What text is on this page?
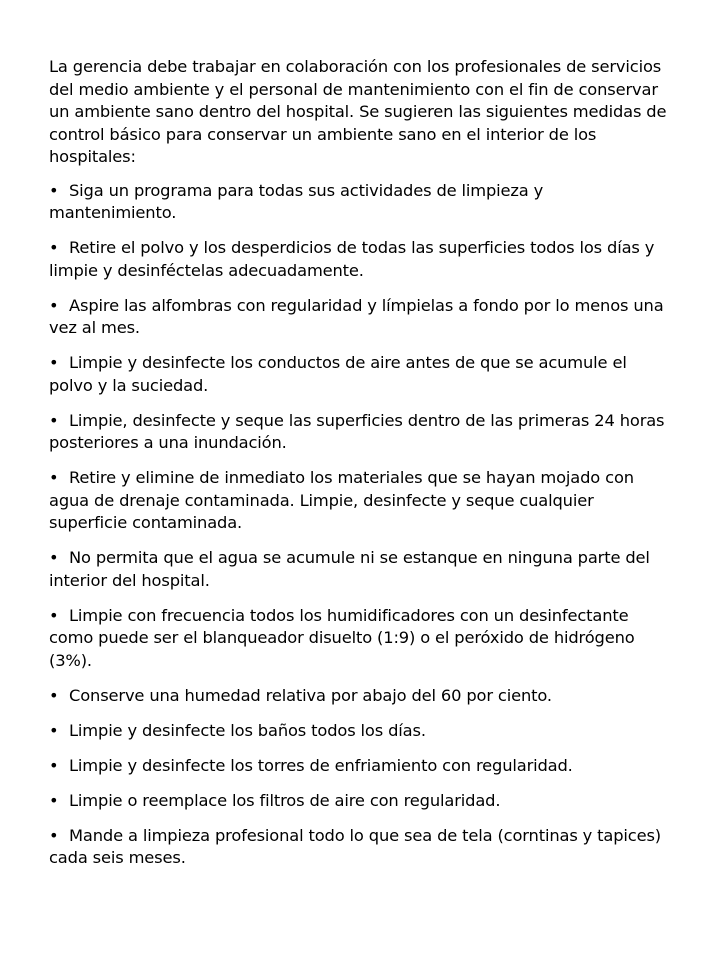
La gerencia debe trabajar en colaboración con los profesionales de servicios del medio ambiente y el personal de mantenimiento con el fin de conservar un ambiente sano dentro del hospital. Se sugieren las siguientes medidas de control básico para conservar un ambiente sano en el interior de los hospitales:

• Siga un programa para todas sus actividades de limpieza y mantenimiento.
• Retire el polvo y los desperdicios de todas las superficies todos los días y limpie y desinféctelas adecuadamente.
• Aspire las alfombras con regularidad y límpielas a fondo por lo menos una vez al mes.
• Limpie y desinfecte los conductos de aire antes de que se acumule el polvo y la suciedad.
• Limpie, desinfecte y seque las superficies dentro de las primeras 24 horas posteriores a una inundación.
• Retire y elimine de inmediato los materiales que se hayan mojado con agua de drenaje contaminada. Limpie, desinfecte y seque cualquier superficie contaminada.
• No permita que el agua se acumule ni se estanque en ninguna parte del interior del hospital.
• Limpie con frecuencia todos los humidificadores con un desinfectante como puede ser el blanqueador disuelto (1:9) o el peróxido de hidrógeno (3%).
• Conserve una humedad relativa por abajo del 60 por ciento.
• Limpie y desinfecte los baños todos los días.
• Limpie y desinfecte los torres de enfriamiento con regularidad.
• Limpie o reemplace los filtros de aire con regularidad.
• Mande a limpieza profesional todo lo que sea de tela (corntinas y tapices) cada seis meses.
